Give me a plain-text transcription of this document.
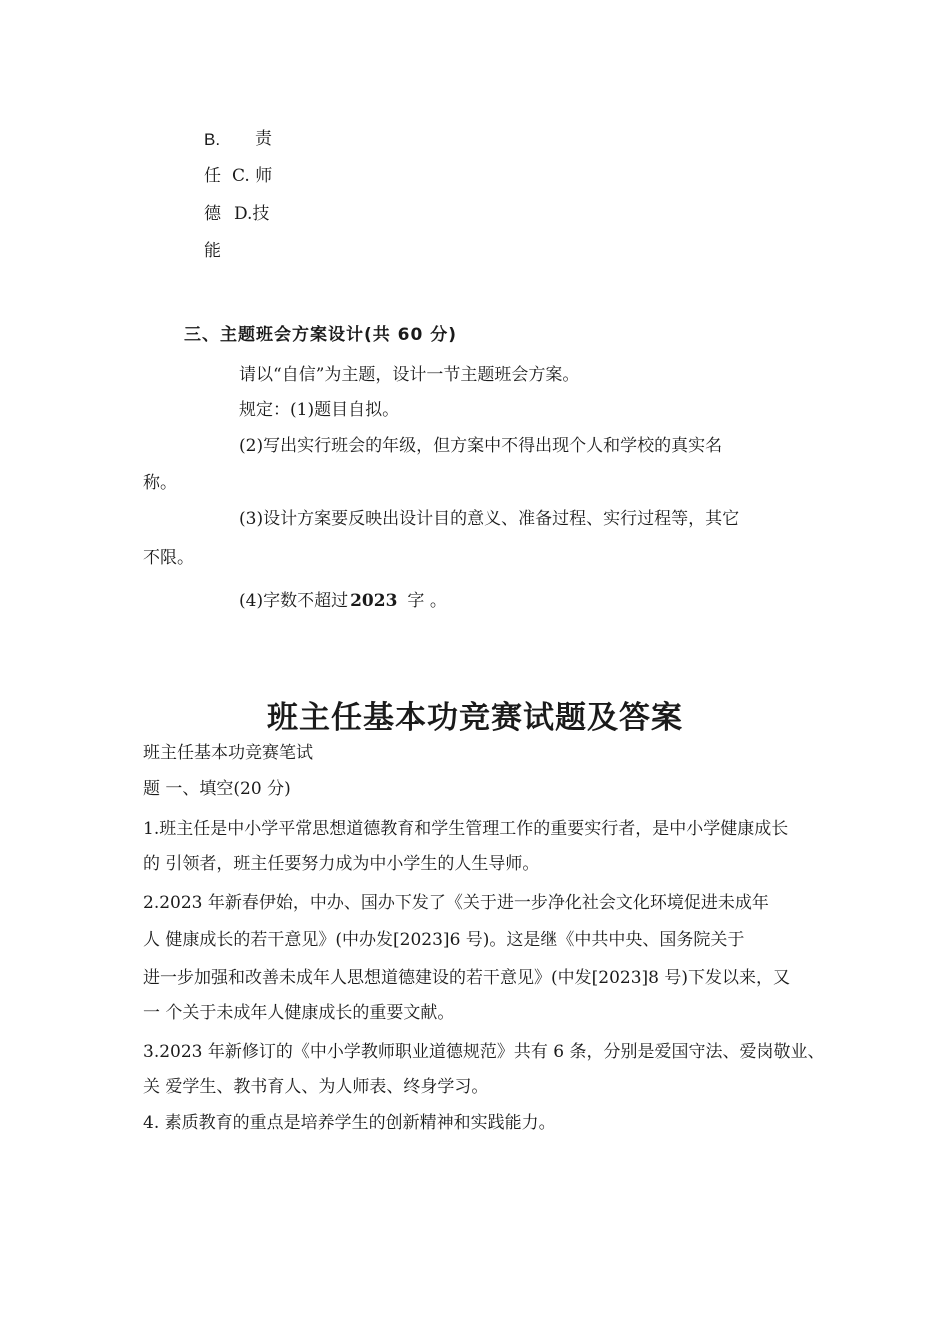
B. 责
任 C. 师
德 D.技
能
三、主题班会方案设计(共 60 分)
请以“自信”为主题，设计一节主题班会方案。
规定：(1)题目自拟。
(2)写出实行班会的年级，但方案中不得出现个人和学校的真实名
称。
(3)设计方案要反映出设计目的意义、准备过程、实行过程等，其它
不限。
(4)字数不超过 2023 字 。
班主任基本功竞赛试题及答案
班主任基本功竞赛笔试
题 一、填空(20 分)
1.班主任是中小学平常思想道德教育和学生管理工作的重要实行者，是中小学健康成长
的 引领者，班主任要努力成为中小学生的人生导师。
2.2023 年新春伊始，中办、国办下发了《关于进一步净化社会文化环境促进未成年
人 健康成长的若干意见》(中办发[2023]6 号)。这是继《中共中央、国务院关于
进一步加强和改善未成年人思想道德建设的若干意见》(中发[2023]8 号)下发以来，又
一 个关于未成年人健康成长的重要文献。
3.2023 年新修订的《中小学教师职业道德规范》共有 6 条，分别是爱国守法、爱岗敬业、
关 爱学生、教书育人、为人师表、终身学习。
4. 素质教育的重点是培养学生的创新精神和实践能力。
